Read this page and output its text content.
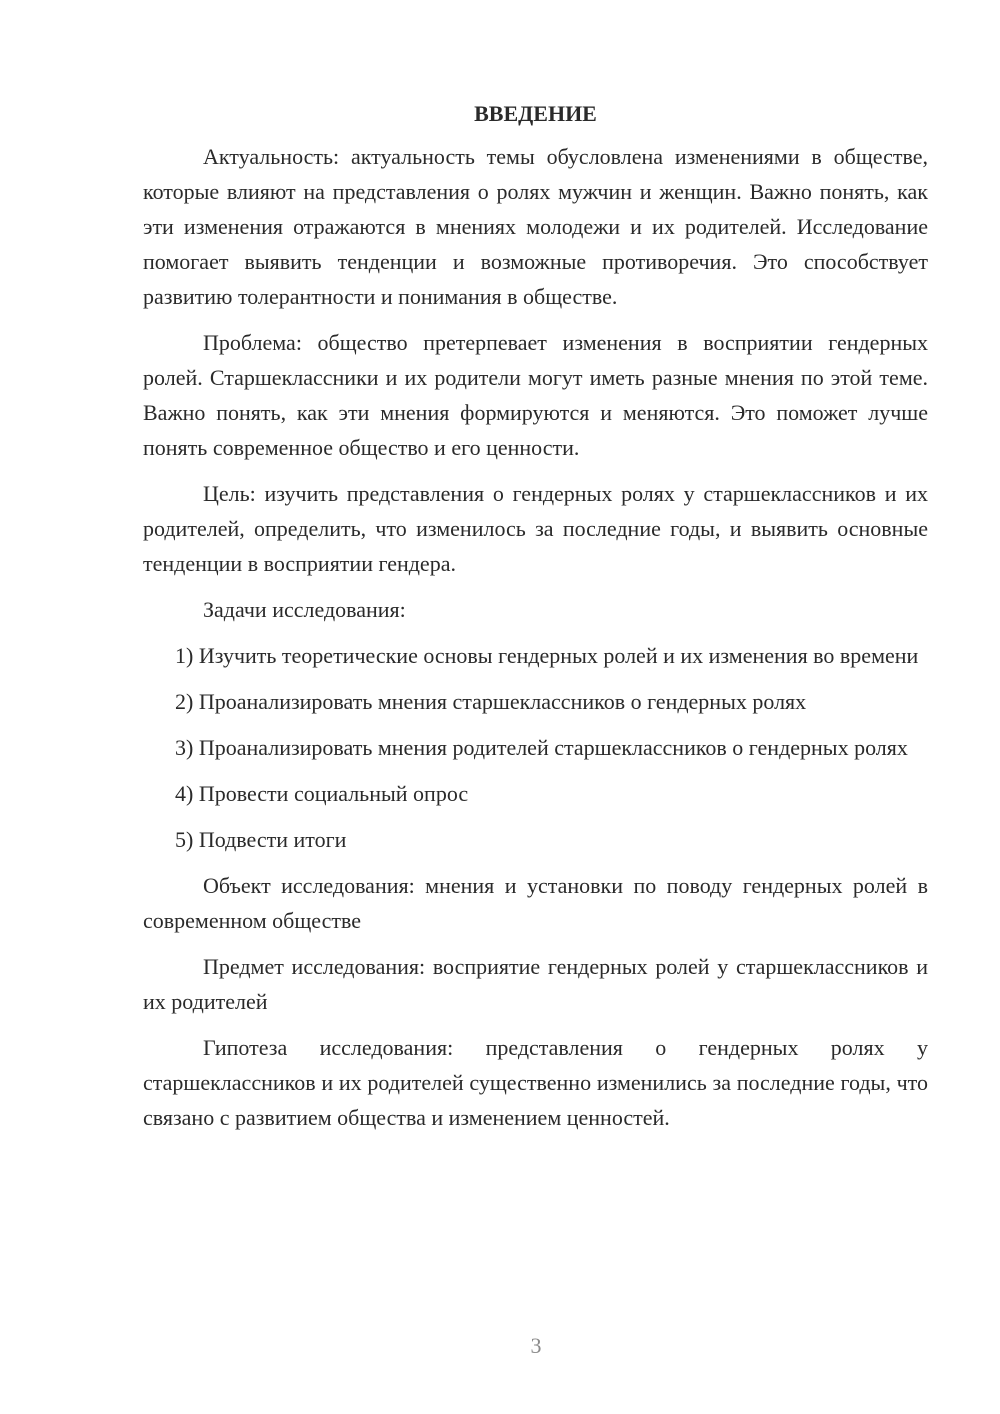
ВВЕДЕНИЕ

Актуальность: актуальность темы обусловлена изменениями в обществе, которые влияют на представления о ролях мужчин и женщин. Важно понять, как эти изменения отражаются в мнениях молодежи и их родителей. Исследование помогает выявить тенденции и возможные противоречия. Это способствует развитию толерантности и понимания в обществе.

Проблема: общество претерпевает изменения в восприятии гендерных ролей. Старшеклассники и их родители могут иметь разные мнения по этой теме. Важно понять, как эти мнения формируются и меняются. Это поможет лучше понять современное общество и его ценности.

Цель: изучить представления о гендерных ролях у старшеклассников и их родителей, определить, что изменилось за последние годы, и выявить основные тенденции в восприятии гендера.

Задачи исследования:

1) Изучить теоретические основы гендерных ролей и их изменения во времени

2) Проанализировать мнения старшеклассников о гендерных ролях

3) Проанализировать мнения родителей старшеклассников о гендерных ролях

4) Провести социальный опрос

5) Подвести итоги

Объект исследования: мнения и установки по поводу гендерных ролей в современном обществе

Предмет исследования: восприятие гендерных ролей у старшеклассников и их родителей

Гипотеза исследования: представления о гендерных ролях у старшеклассников и их родителей существенно изменились за последние годы, что связано с развитием общества и изменением ценностей.

3
